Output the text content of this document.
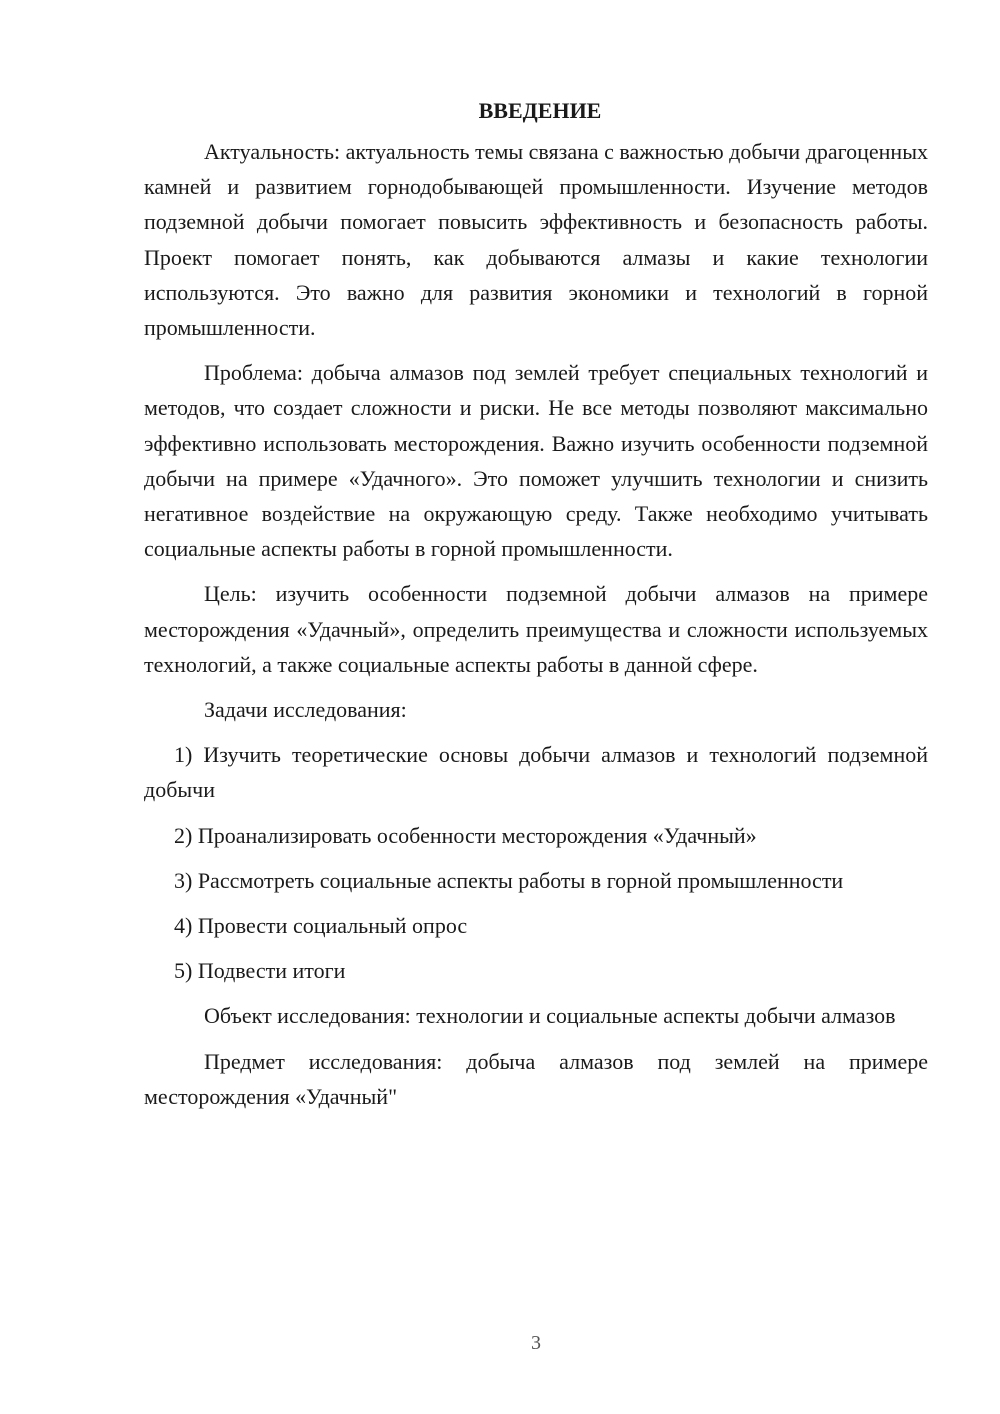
ВВЕДЕНИЕ

Актуальность: актуальность темы связана с важностью добычи драгоценных камней и развитием горнодобывающей промышленности. Изучение методов подземной добычи помогает повысить эффективность и безопасность работы. Проект помогает понять, как добываются алмазы и какие технологии используются. Это важно для развития экономики и технологий в горной промышленности.

Проблема: добыча алмазов под землей требует специальных технологий и методов, что создает сложности и риски. Не все методы позволяют максимально эффективно использовать месторождения. Важно изучить особенности подземной добычи на примере «Удачного». Это поможет улучшить технологии и снизить негативное воздействие на окружающую среду. Также необходимо учитывать социальные аспекты работы в горной промышленности.

Цель: изучить особенности подземной добычи алмазов на примере месторождения «Удачный», определить преимущества и сложности используемых технологий, а также социальные аспекты работы в данной сфере.

Задачи исследования:

1) Изучить теоретические основы добычи алмазов и технологий подземной добычи

2) Проанализировать особенности месторождения «Удачный»

3) Рассмотреть социальные аспекты работы в горной промышленности

4) Провести социальный опрос

5) Подвести итоги

Объект исследования: технологии и социальные аспекты добычи алмазов

Предмет исследования: добыча алмазов под землей на примере месторождения «Удачный"

3
